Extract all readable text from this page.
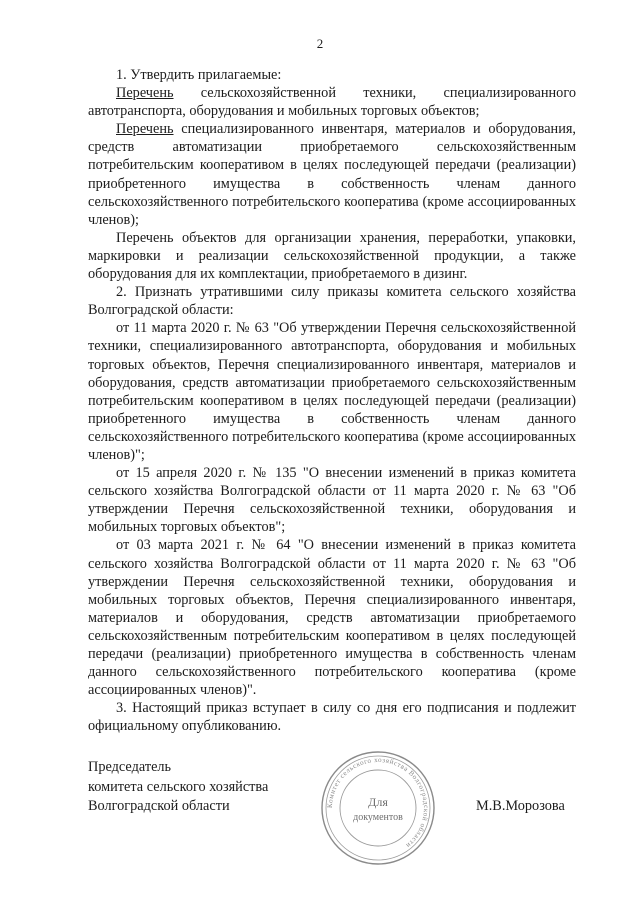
2

1. Утвердить прилагаемые:

Перечень сельскохозяйственной техники, специализированного автотранспорта, оборудования и мобильных торговых объектов;

Перечень специализированного инвентаря, материалов и оборудования, средств автоматизации приобретаемого сельскохозяйственным потребительским кооперативом в целях последующей передачи (реализации) приобретенного имущества в собственность членам данного сельскохозяйственного потребительского кооператива (кроме ассоциированных членов);

Перечень объектов для организации хранения, переработки, упаковки, маркировки и реализации сельскохозяйственной продукции, а также оборудования для их комплектации, приобретаемого в дизинг.

2. Признать утратившими силу приказы комитета сельского хозяйства Волгоградской области:

от 11 марта 2020 г. № 63 "Об утверждении Перечня сельскохозяйственной техники, специализированного автотранспорта, оборудования и мобильных торговых объектов, Перечня специализированного инвентаря, материалов и оборудования, средств автоматизации приобретаемого сельскохозяйственным потребительским кооперативом в целях последующей передачи (реализации) приобретенного имущества в собственность членам данного сельскохозяйственного потребительского кооператива (кроме ассоциированных членов)";

от 15 апреля 2020 г. № 135 "О внесении изменений в приказ комитета сельского хозяйства Волгоградской области от 11 марта 2020 г. № 63 "Об утверждении Перечня сельскохозяйственной техники, оборудования и мобильных торговых объектов";

от 03 марта 2021 г. № 64 "О внесении изменений в приказ комитета сельского хозяйства Волгоградской области от 11 марта 2020 г. № 63 "Об утверждении Перечня сельскохозяйственной техники, оборудования и мобильных торговых объектов, Перечня специализированного инвентаря, материалов и оборудования, средств автоматизации приобретаемого сельскохозяйственным потребительским кооперативом в целях последующей передачи (реализации) приобретенного имущества в собственность членам данного сельскохозяйственного потребительского кооператива (кроме ассоциированных членов)".

3. Настоящий приказ вступает в силу со дня его подписания и подлежит официальному опубликованию.

Председатель
комитета сельского хозяйства
Волгоградской области	Комитет сельского хозяйства Волгоградской области
Для
документов
М.В.Морозова
